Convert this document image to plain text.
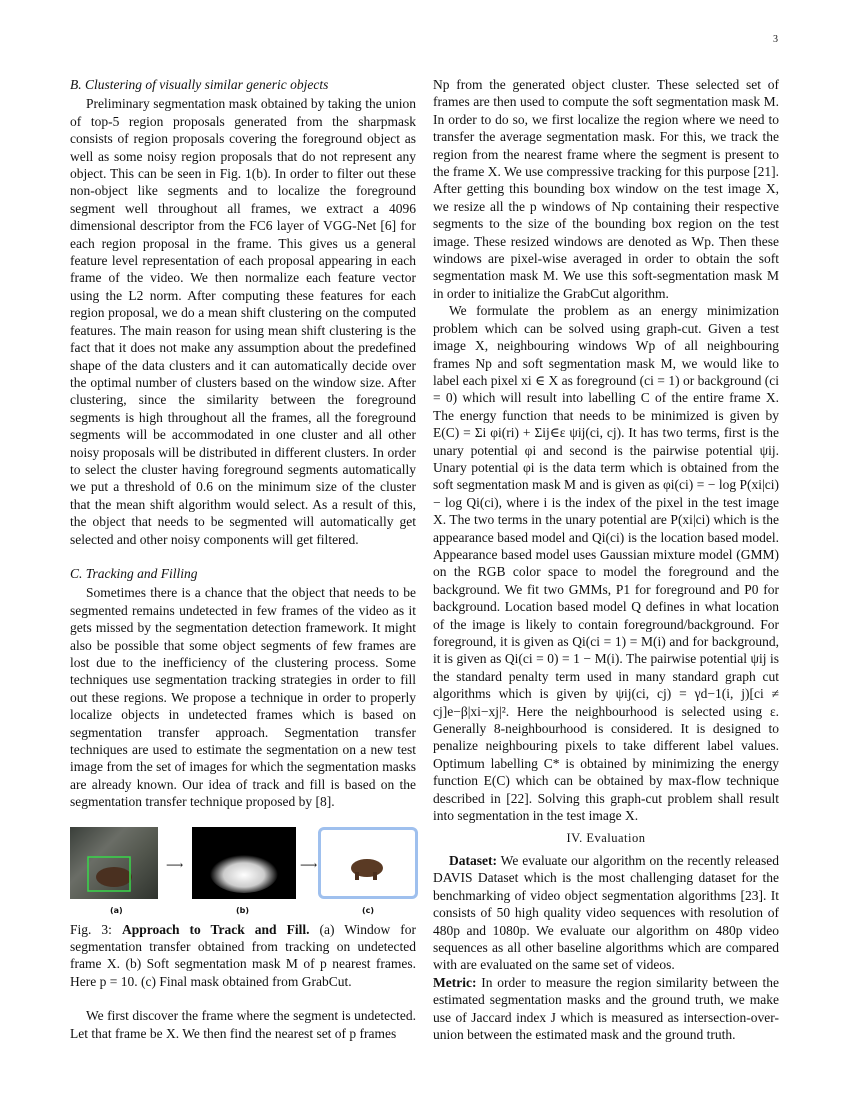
3
B. Clustering of visually similar generic objects

Preliminary segmentation mask obtained by taking the union of top-5 region proposals generated from the sharpmask consists of region proposals covering the foreground object as well as some noisy region proposals that do not represent any object. This can be seen in Fig. 1(b). In order to filter out these non-object like segments and to localize the foreground segment well throughout all frames, we extract a 4096 dimensional descriptor from the FC6 layer of VGG-Net [6] for each region proposal in the frame. This gives us a general feature level representation of each proposal appearing in each frame of the video. We then normalize each feature vector using the L2 norm. After computing these features for each region proposal, we do a mean shift clustering on the computed features. The main reason for using mean shift clustering is the fact that it does not make any assumption about the predefined shape of the data clusters and it can automatically decide over the optimal number of clusters based on the window size. After clustering, since the similarity between the foreground segments is high throughout all the frames, all the foreground segments will be accommodated in one cluster and all other noisy proposals will be distributed in different clusters. In order to select the cluster having foreground segments automatically we put a threshold of 0.6 on the minimum size of the cluster that the mean shift algorithm would select. As a result of this, the object that needs to be segmented will automatically get selected and other noisy components will get filtered.

C. Tracking and Filling

Sometimes there is a chance that the object that needs to be segmented remains undetected in few frames of the video as it gets missed by the segmentation detection framework. It might also be possible that some object segments of few frames are lost due to the inefficiency of the clustering process. Some techniques use segmentation tracking strategies in order to fill out these regions. We propose a technique in order to properly localize objects in undetected frames which is based on segmentation transfer approach. Segmentation transfer techniques are used to estimate the segmentation on a new test image from the set of images for which the segmentation masks are already known. Our idea of track and fill is based on the segmentation transfer technique proposed by [8].

⟶	⟶
(a)	(b)	(c)
Fig. 3: Approach to Track and Fill. (a) Window for segmentation transfer obtained from tracking on undetected frame X. (b) Soft segmentation mask M of p nearest frames. Here p = 10. (c) Final mask obtained from GrabCut.

We first discover the frame where the segment is undetected. Let that frame be X. We then find the nearest set of p frames

Np from the generated object cluster. These selected set of frames are then used to compute the soft segmentation mask M. In order to do so, we first localize the region where we need to transfer the average segmentation mask. For this, we track the region from the nearest frame where the segment is present to the frame X. We use compressive tracking for this purpose [21]. After getting this bounding box window on the test image X, we resize all the p windows of Np containing their respective segments to the size of the bounding box region on the test image. These resized windows are denoted as Wp. Then these windows are pixel-wise averaged in order to obtain the soft segmentation mask M. We use this soft-segmentation mask M in order to initialize the GrabCut algorithm.

We formulate the problem as an energy minimization problem which can be solved using graph-cut. Given a test image X, neighbouring windows Wp of all neighbouring frames Np and soft segmentation mask M, we would like to label each pixel xi ∈ X as foreground (ci = 1) or background (ci = 0) which will result into labelling C of the entire frame X. The energy function that needs to be minimized is given by E(C) = Σi φi(ri) + Σij∈ε ψij(ci, cj). It has two terms, first is the unary potential φi and second is the pairwise potential ψij. Unary potential φi is the data term which is obtained from the soft segmentation mask M and is given as φi(ci) = − log P(xi|ci) − log Qi(ci), where i is the index of the pixel in the test image X. The two terms in the unary potential are P(xi|ci) which is the appearance based model and Qi(ci) is the location based model. Appearance based model uses Gaussian mixture model (GMM) on the RGB color space to model the foreground and the background. We fit two GMMs, P1 for foreground and P0 for background. Location based model Q defines in what location of the image is likely to contain foreground/background. For foreground, it is given as Qi(ci = 1) = M(i) and for background, it is given as Qi(ci = 0) = 1 − M(i). The pairwise potential ψij is the standard penalty term used in many standard graph cut algorithms which is given by ψij(ci, cj) = γd−1(i, j)[ci ≠ cj]e−β|xi−xj|². Here the neighbourhood is selected using ε. Generally 8-neighbourhood is considered. It is designed to penalize neighbouring pixels to take different label values. Optimum labelling C* is obtained by minimizing the energy function E(C) which can be obtained by max-flow technique described in [22]. Solving this graph-cut problem shall result into segmentation in the test image X.

IV. Evaluation

Dataset: We evaluate our algorithm on the recently released DAVIS Dataset which is the most challenging dataset for the benchmarking of video object segmentation algorithms [23]. It consists of 50 high quality video sequences with resolution of 480p and 1080p. We evaluate our algorithm on 480p video sequences as all other baseline algorithms which are compared with are evaluated on the same set of videos.

Metric: In order to measure the region similarity between the estimated segmentation masks and the ground truth, we make use of Jaccard index J which is measured as intersection-over-union between the estimated mask and the ground truth.
